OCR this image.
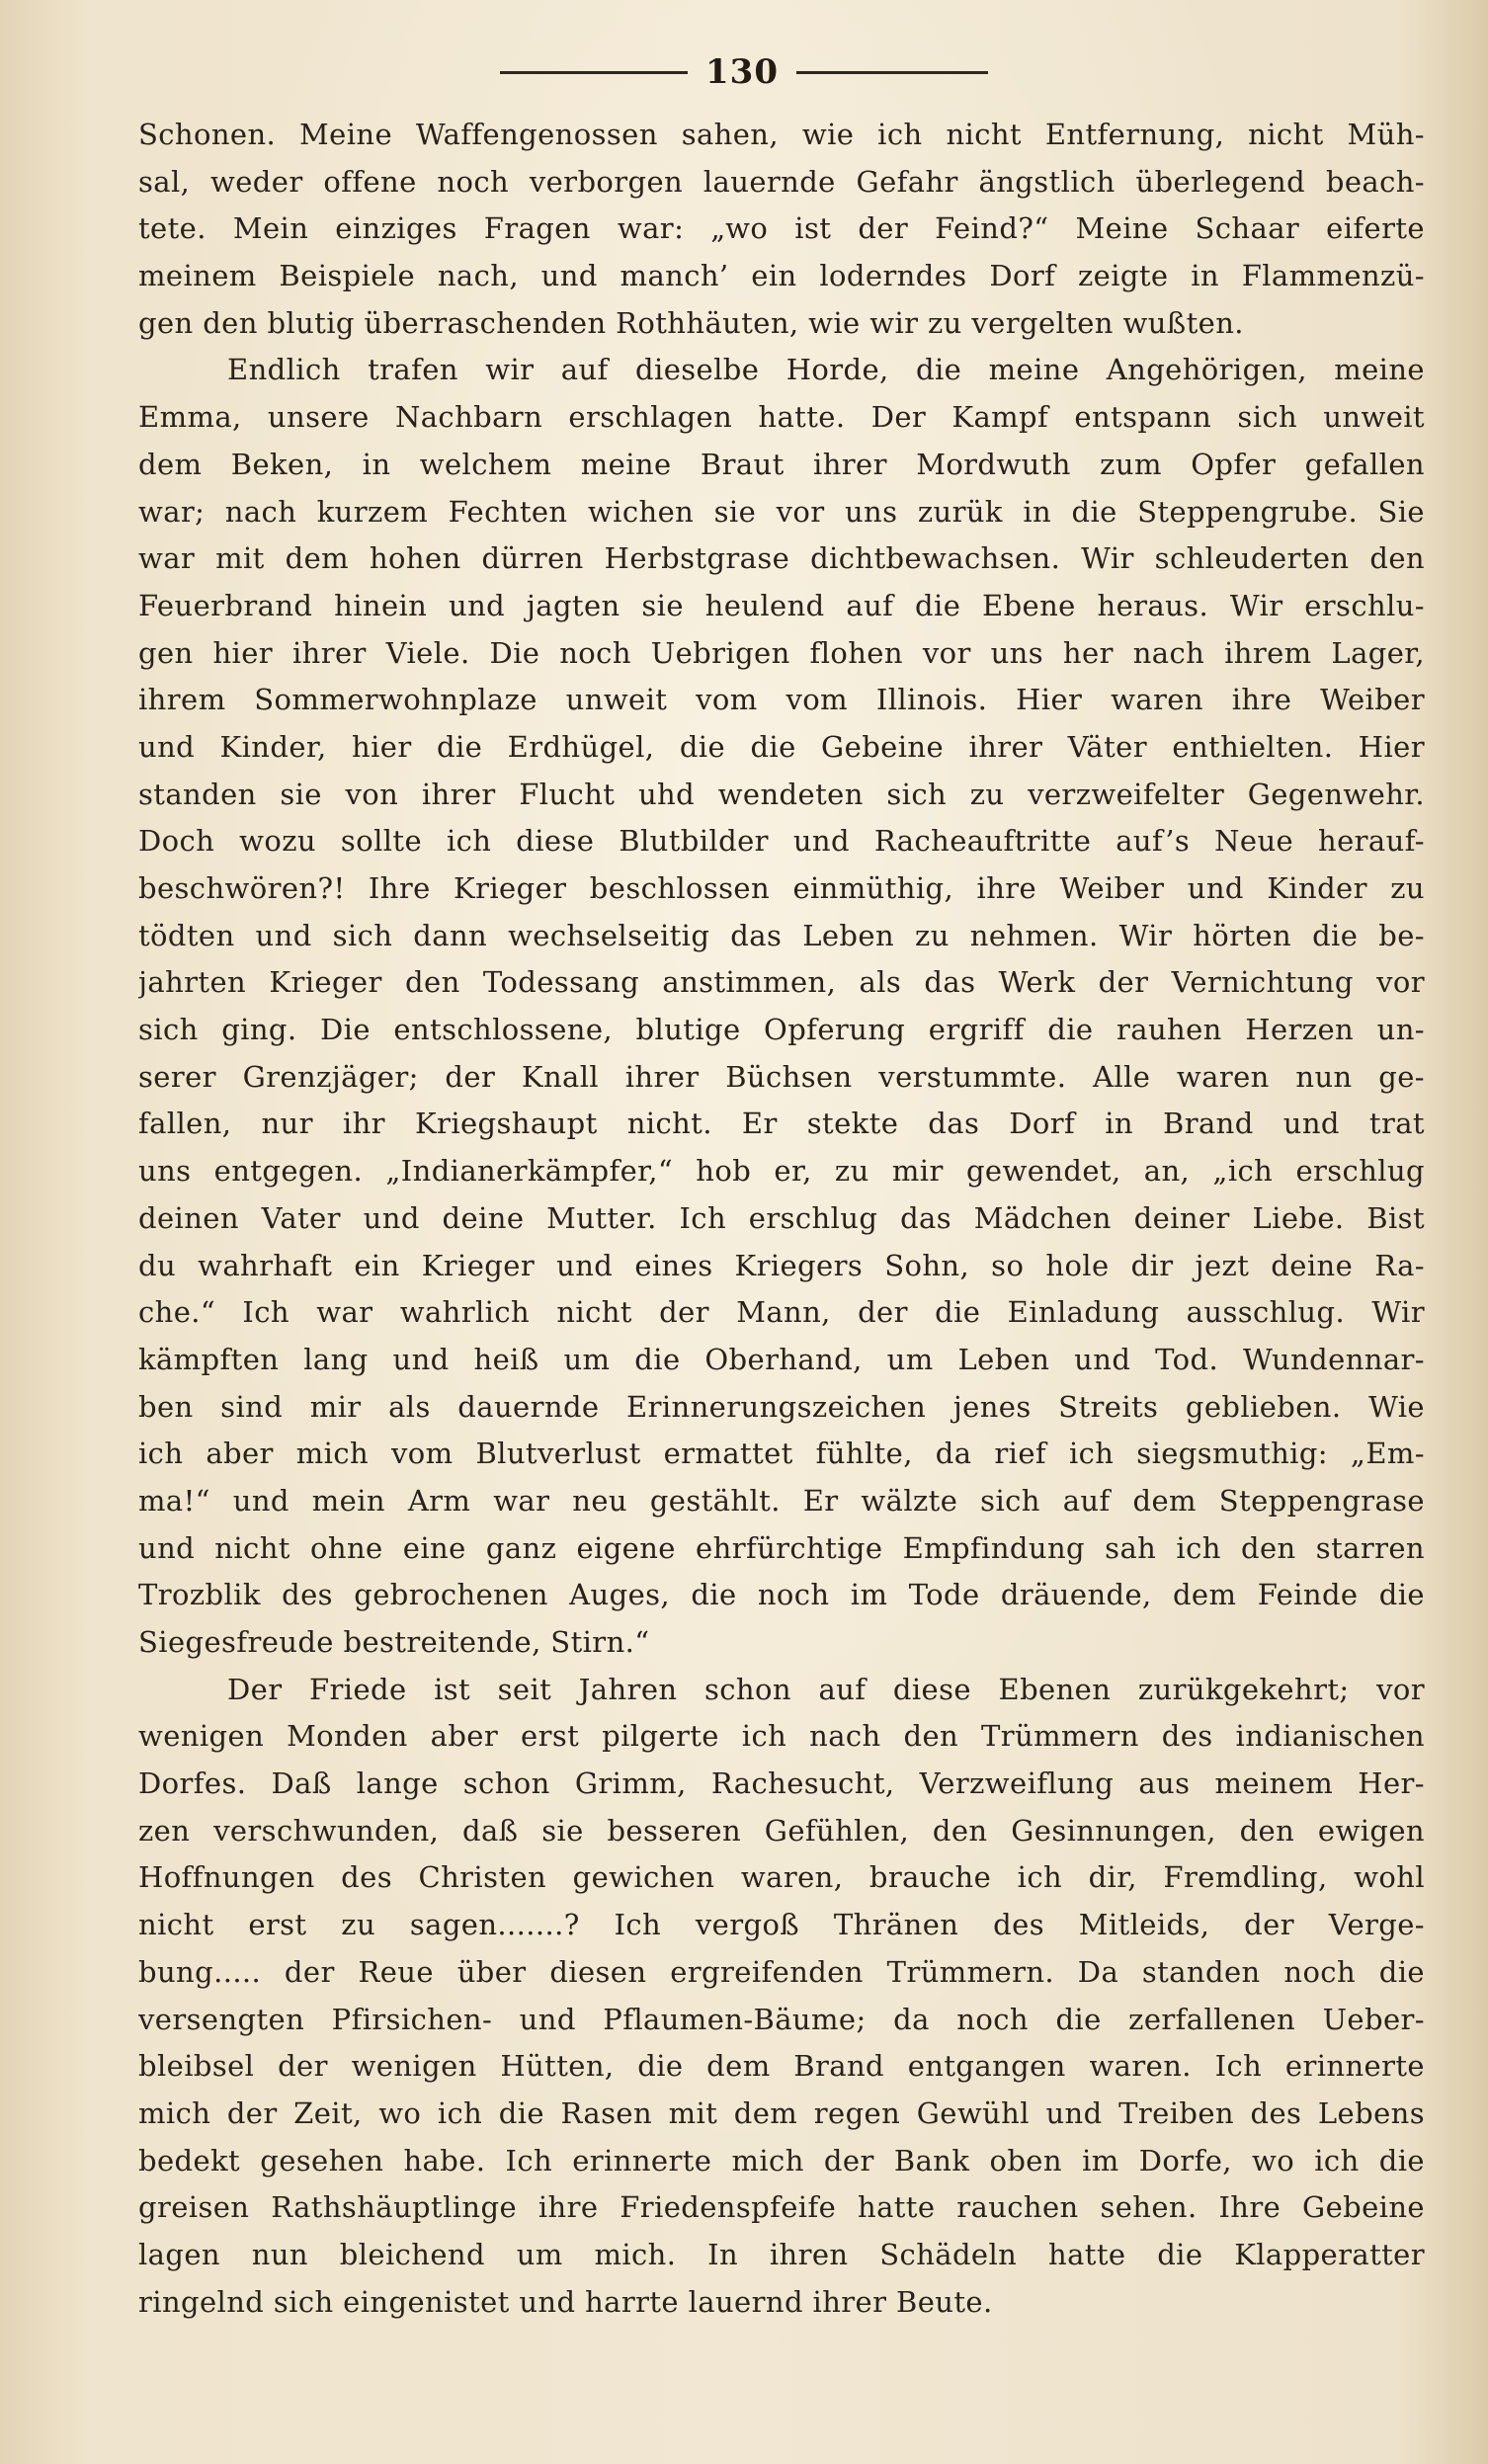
130
Schonen. Meine Waffengenossen sahen, wie ich nicht Entfernung, nicht Müh-
sal, weder offene noch verborgen lauernde Gefahr ängstlich überlegend beach-
tete. Mein einziges Fragen war: „wo ist der Feind?“ Meine Schaar eiferte
meinem Beispiele nach, und manch’ ein loderndes Dorf zeigte in Flammenzü-
gen den blutig überraschenden Rothhäuten, wie wir zu vergelten wußten.
Endlich trafen wir auf dieselbe Horde, die meine Angehörigen, meine
Emma, unsere Nachbarn erschlagen hatte. Der Kampf entspann sich unweit
dem Beken, in welchem meine Braut ihrer Mordwuth zum Opfer gefallen
war; nach kurzem Fechten wichen sie vor uns zurük in die Steppengrube. Sie
war mit dem hohen dürren Herbstgrase dichtbewachsen. Wir schleuderten den
Feuerbrand hinein und jagten sie heulend auf die Ebene heraus. Wir erschlu-
gen hier ihrer Viele. Die noch Uebrigen flohen vor uns her nach ihrem Lager,
ihrem Sommerwohnplaze unweit vom vom Illinois. Hier waren ihre Weiber
und Kinder, hier die Erdhügel, die die Gebeine ihrer Väter enthielten. Hier
standen sie von ihrer Flucht uhd wendeten sich zu verzweifelter Gegenwehr.
Doch wozu sollte ich diese Blutbilder und Racheauftritte auf’s Neue herauf-
beschwören?! Ihre Krieger beschlossen einmüthig, ihre Weiber und Kinder zu
tödten und sich dann wechselseitig das Leben zu nehmen. Wir hörten die be-
jahrten Krieger den Todessang anstimmen, als das Werk der Vernichtung vor
sich ging. Die entschlossene, blutige Opferung ergriff die rauhen Herzen un-
serer Grenzjäger; der Knall ihrer Büchsen verstummte. Alle waren nun ge-
fallen, nur ihr Kriegshaupt nicht. Er stekte das Dorf in Brand und trat
uns entgegen. „Indianerkämpfer,“ hob er, zu mir gewendet, an, „ich erschlug
deinen Vater und deine Mutter. Ich erschlug das Mädchen deiner Liebe. Bist
du wahrhaft ein Krieger und eines Kriegers Sohn, so hole dir jezt deine Ra-
che.“ Ich war wahrlich nicht der Mann, der die Einladung ausschlug. Wir
kämpften lang und heiß um die Oberhand, um Leben und Tod. Wundennar-
ben sind mir als dauernde Erinnerungszeichen jenes Streits geblieben. Wie
ich aber mich vom Blutverlust ermattet fühlte, da rief ich siegsmuthig: „Em-
ma!“ und mein Arm war neu gestählt. Er wälzte sich auf dem Steppengrase
und nicht ohne eine ganz eigene ehrfürchtige Empfindung sah ich den starren
Trozblik des gebrochenen Auges, die noch im Tode dräuende, dem Feinde die
Siegesfreude bestreitende, Stirn.“
Der Friede ist seit Jahren schon auf diese Ebenen zurükgekehrt; vor
wenigen Monden aber erst pilgerte ich nach den Trümmern des indianischen
Dorfes. Daß lange schon Grimm, Rachesucht, Verzweiflung aus meinem Her-
zen verschwunden, daß sie besseren Gefühlen, den Gesinnungen, den ewigen
Hoffnungen des Christen gewichen waren, brauche ich dir, Fremdling, wohl
nicht erst zu sagen.......? Ich vergoß Thränen des Mitleids, der Verge-
bung..... der Reue über diesen ergreifenden Trümmern. Da standen noch die
versengten Pfirsichen- und Pflaumen-Bäume; da noch die zerfallenen Ueber-
bleibsel der wenigen Hütten, die dem Brand entgangen waren. Ich erinnerte
mich der Zeit, wo ich die Rasen mit dem regen Gewühl und Treiben des Lebens
bedekt gesehen habe. Ich erinnerte mich der Bank oben im Dorfe, wo ich die
greisen Rathshäuptlinge ihre Friedenspfeife hatte rauchen sehen. Ihre Gebeine
lagen nun bleichend um mich. In ihren Schädeln hatte die Klapperatter
ringelnd sich eingenistet und harrte lauernd ihrer Beute.
